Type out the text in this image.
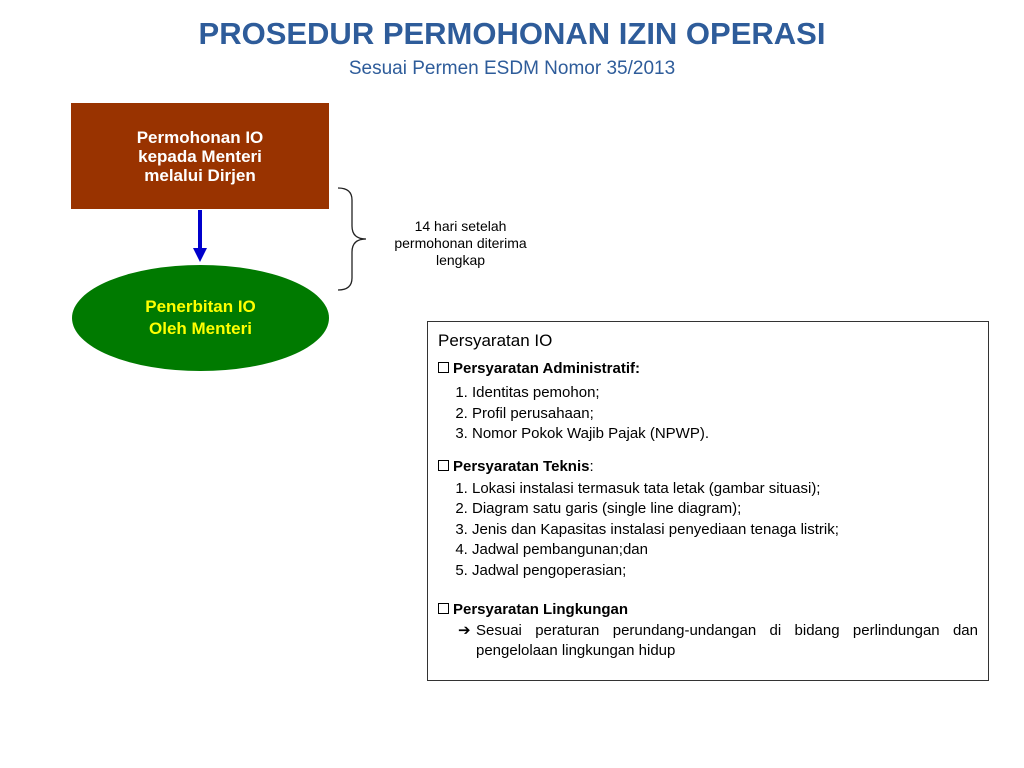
PROSEDUR PERMOHONAN IZIN OPERASI
Sesuai Permen ESDM Nomor 35/2013
Permohonan IO
kepada Menteri
melalui Dirjen
Penerbitan IO
Oleh Menteri
14 hari setelah
permohonan diterima
lengkap
Persyaratan IO
Persyaratan Administratif:
1. Identitas pemohon;
2. Profil perusahaan;
3. Nomor Pokok Wajib Pajak (NPWP).
Persyaratan Teknis:
1. Lokasi instalasi termasuk tata letak (gambar situasi);
2. Diagram satu garis (single line diagram);
3. Jenis dan Kapasitas instalasi penyediaan tenaga listrik;
4. Jadwal pembangunan;dan
5. Jadwal pengoperasian;
Persyaratan Lingkungan
➔ Sesuai peraturan perundang-undangan di bidang perlindungan dan pengelolaan lingkungan hidup
